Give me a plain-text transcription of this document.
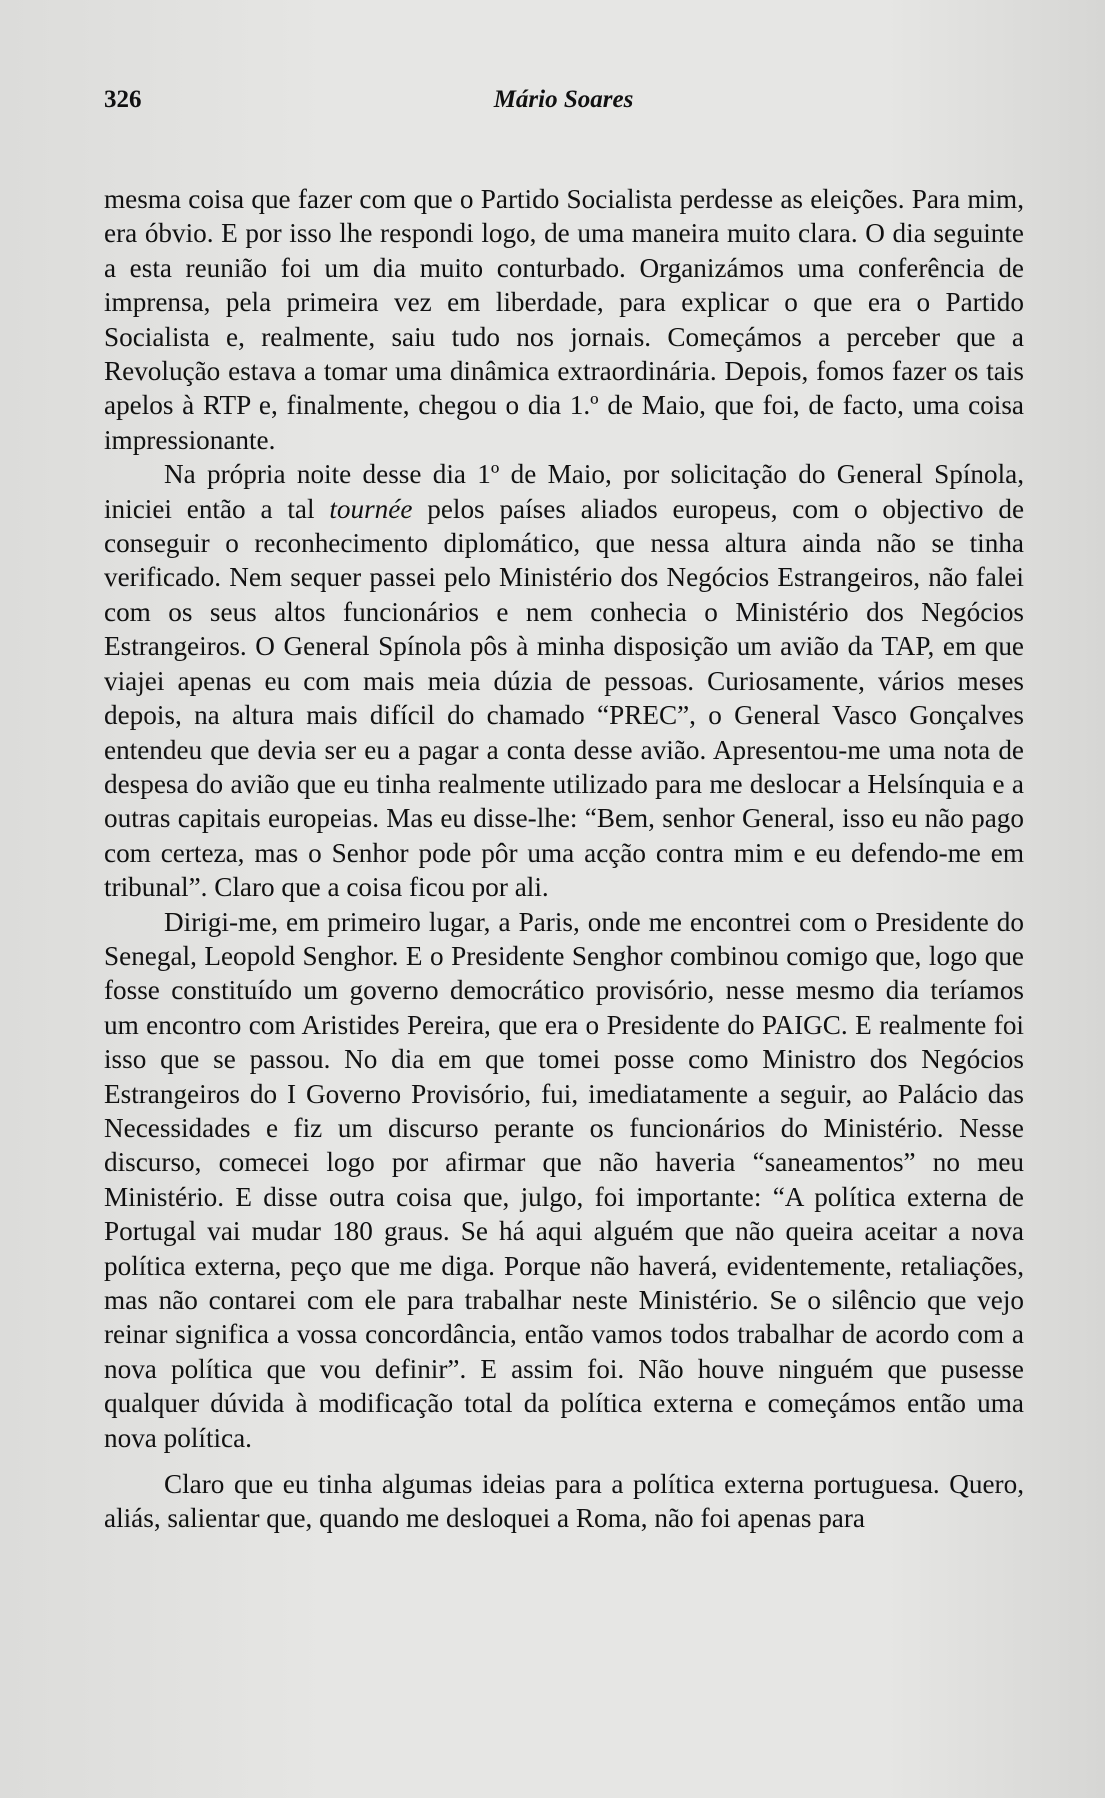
326	Mário Soares

mesma coisa que fazer com que o Partido Socialista perdesse as eleições. Para mim, era óbvio. E por isso lhe respondi logo, de uma maneira muito clara. O dia seguinte a esta reunião foi um dia muito conturbado. Organizámos uma conferência de imprensa, pela primeira vez em liberdade, para explicar o que era o Partido Socialista e, realmente, saiu tudo nos jornais. Começámos a perceber que a Revolução estava a tomar uma dinâmica extraordinária. Depois, fomos fazer os tais apelos à RTP e, finalmente, chegou o dia 1.º de Maio, que foi, de facto, uma coisa impressionante.

Na própria noite desse dia 1º de Maio, por solicitação do General Spínola, iniciei então a tal tournée pelos países aliados europeus, com o objectivo de conseguir o reconhecimento diplomático, que nessa altura ainda não se tinha verificado. Nem sequer passei pelo Ministério dos Negócios Estrangeiros, não falei com os seus altos funcionários e nem conhecia o Ministério dos Negócios Estrangeiros. O General Spínola pôs à minha disposição um avião da TAP, em que viajei apenas eu com mais meia dúzia de pessoas. Curiosamente, vários meses depois, na altura mais difícil do chamado “PREC”, o General Vasco Gonçalves entendeu que devia ser eu a pagar a conta desse avião. Apresentou-me uma nota de despesa do avião que eu tinha realmente utilizado para me deslocar a Helsínquia e a outras capitais europeias. Mas eu disse-lhe: “Bem, senhor General, isso eu não pago com certeza, mas o Senhor pode pôr uma acção contra mim e eu defendo-me em tribunal”. Claro que a coisa ficou por ali.

Dirigi-me, em primeiro lugar, a Paris, onde me encontrei com o Presidente do Senegal, Leopold Senghor. E o Presidente Senghor combinou comigo que, logo que fosse constituído um governo democrático provisório, nesse mesmo dia teríamos um encontro com Aristides Pereira, que era o Presidente do PAIGC. E realmente foi isso que se passou. No dia em que tomei posse como Ministro dos Negócios Estrangeiros do I Governo Provisório, fui, imediatamente a seguir, ao Palácio das Necessidades e fiz um discurso perante os funcionários do Ministério. Nesse discurso, comecei logo por afirmar que não haveria “saneamentos” no meu Ministério. E disse outra coisa que, julgo, foi importante: “A política externa de Portugal vai mudar 180 graus. Se há aqui alguém que não queira aceitar a nova política externa, peço que me diga. Porque não haverá, evidentemente, retaliações, mas não contarei com ele para trabalhar neste Ministério. Se o silêncio que vejo reinar significa a vossa concordância, então vamos todos trabalhar de acordo com a nova política que vou definir”. E assim foi. Não houve ninguém que pusesse qualquer dúvida à modificação total da política externa e começámos então uma nova política.

Claro que eu tinha algumas ideias para a política externa portuguesa. Quero, aliás, salientar que, quando me desloquei a Roma, não foi apenas para
